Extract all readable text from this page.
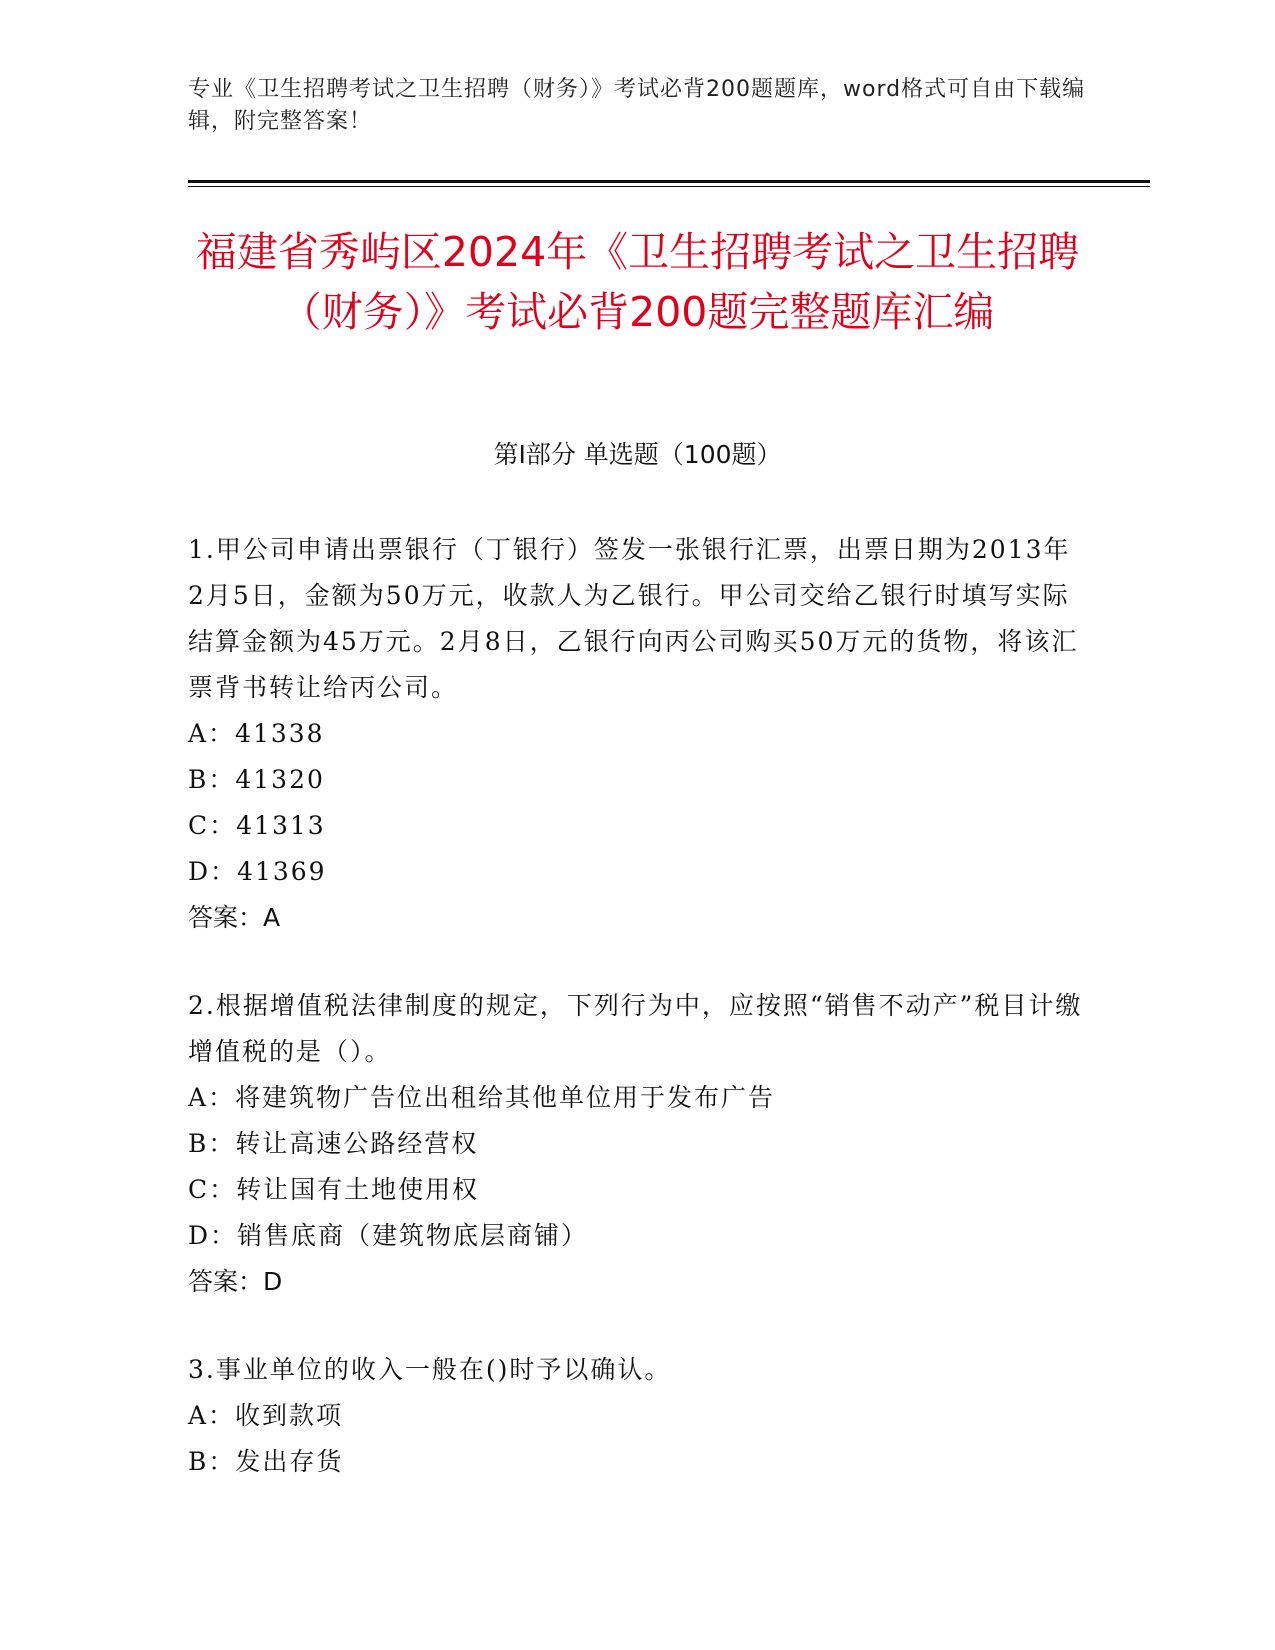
专业《卫生招聘考试之卫生招聘（财务）》考试必背200题题库，word格式可自由下载编辑，附完整答案！
福建省秀屿区2024年《卫生招聘考试之卫生招聘（财务）》考试必背200题完整题库汇编
第I部分 单选题（100题）
1.甲公司申请出票银行（丁银行）签发一张银行汇票，出票日期为2013年2月5日，金额为50万元，收款人为乙银行。甲公司交给乙银行时填写实际结算金额为45万元。2月8日，乙银行向丙公司购买50万元的货物，将该汇票背书转让给丙公司。
A：41338
B：41320
C：41313
D：41369
答案：A
2.根据增值税法律制度的规定，下列行为中，应按照“销售不动产”税目计缴增值税的是（）。
A：将建筑物广告位出租给其他单位用于发布广告
B：转让高速公路经营权
C：转让国有土地使用权
D：销售底商（建筑物底层商铺）
答案：D
3.事业单位的收入一般在()时予以确认。
A：收到款项
B：发出存货
